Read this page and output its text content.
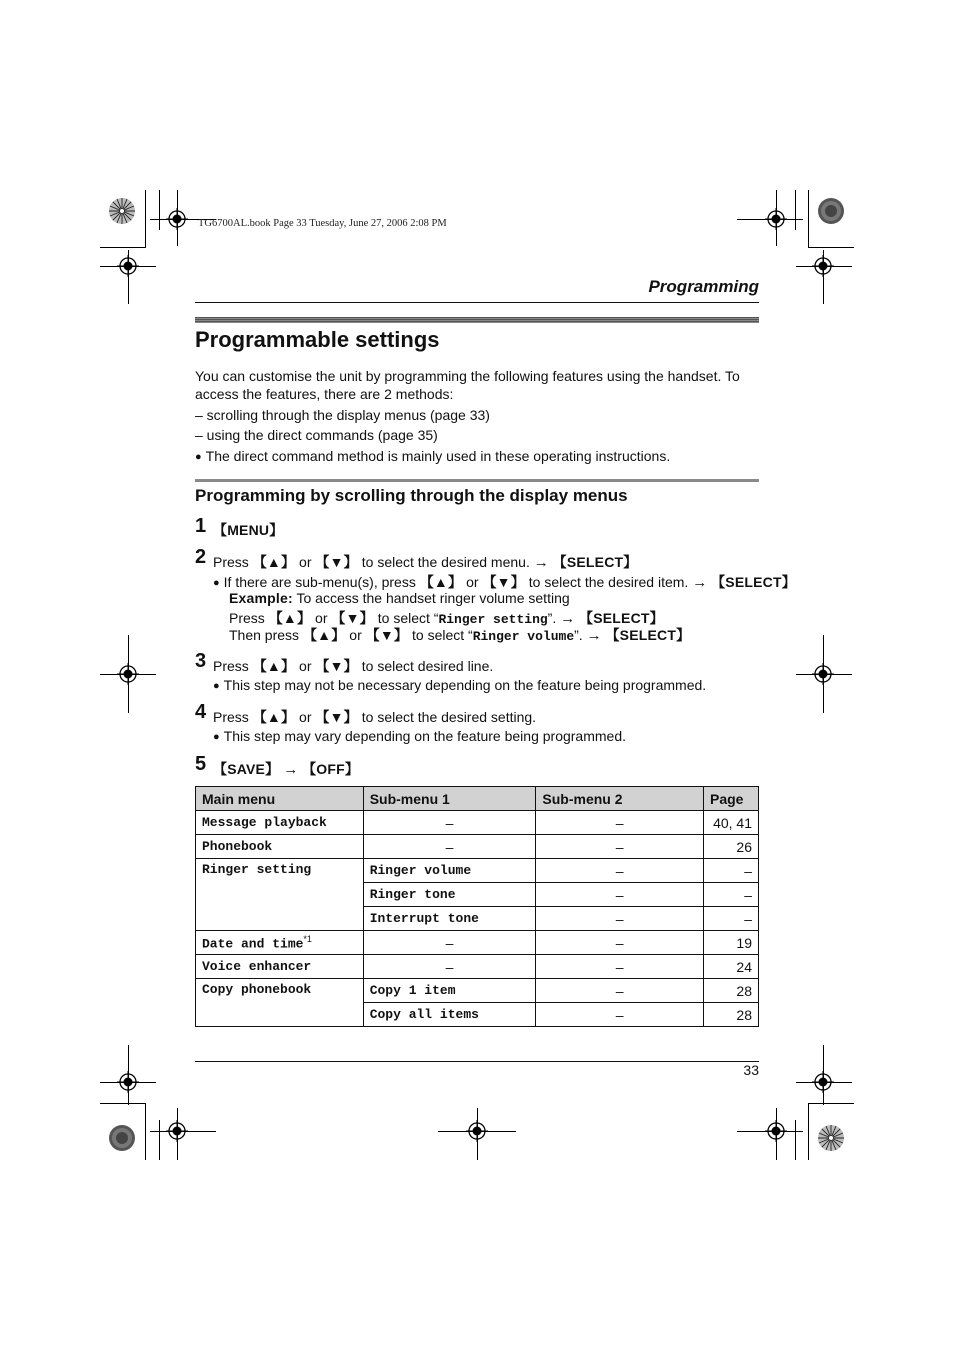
TG6700AL.book Page 33 Tuesday, June 27, 2006 2:08 PM
Programming
Programmable settings
You can customise the unit by programming the following features using the handset. To
access the features, there are 2 methods:
– scrolling through the display menus (page 33)
– using the direct commands (page 35)
● The direct command method is mainly used in these operating instructions.
Programming by scrolling through the display menus
1 【MENU】
2 Press 【▲】 or 【▼】 to select the desired menu. → 【SELECT】
● If there are sub-menu(s), press 【▲】 or 【▼】 to select the desired item. → 【SELECT】
Example: To access the handset ringer volume setting
Press 【▲】 or 【▼】 to select “Ringer setting”. → 【SELECT】
Then press 【▲】 or 【▼】 to select “Ringer volume”. → 【SELECT】
3 Press 【▲】 or 【▼】 to select desired line.
● This step may not be necessary depending on the feature being programmed.
4 Press 【▲】 or 【▼】 to select the desired setting.
● This step may vary depending on the feature being programmed.
5 【SAVE】 → 【OFF】
Main menu	Sub-menu 1	Sub-menu 2	Page
Message playback	–	–	40, 41
Phonebook	–	–	26
Ringer setting	Ringer volume	–	–
	Ringer tone	–	–
	Interrupt tone	–	–
Date and time$^{*1}$	–	–	19
Voice enhancer	–	–	24
Copy phonebook	Copy 1 item	–	28
	Copy all items	–	28
33
